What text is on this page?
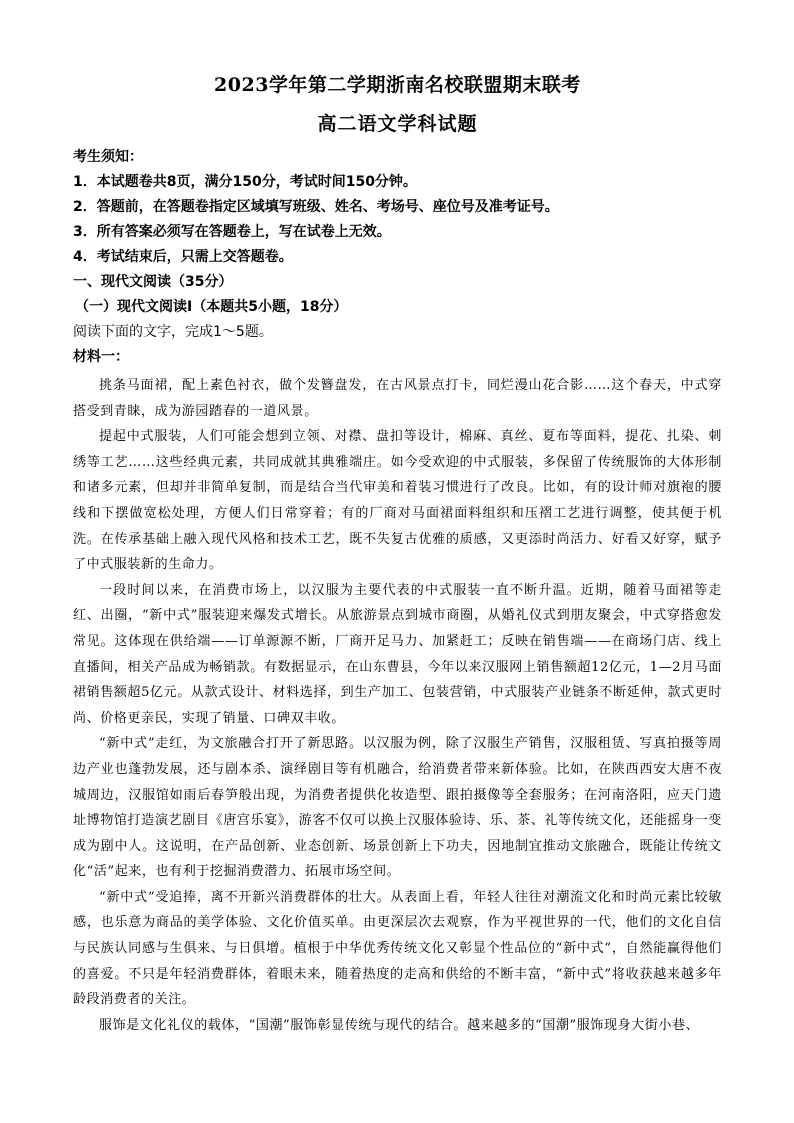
2023学年第二学期浙南名校联盟期末联考
高二语文学科试题
考生须知：
1．本试题卷共8页，满分150分，考试时间150分钟。
2．答题前，在答题卷指定区域填写班级、姓名、考场号、座位号及准考证号。
3．所有答案必须写在答题卷上，写在试卷上无效。
4．考试结束后，只需上交答题卷。
一、现代文阅读（35分）
（一）现代文阅读Ⅰ（本题共5小题，18分）
阅读下面的文字，完成1～5题。
材料一：

挑条马面裙，配上素色衬衣，做个发簪盘发，在古风景点打卡，同烂漫山花合影……这个春天，中式穿搭受到青睐，成为游园踏春的一道风景。

提起中式服装，人们可能会想到立领、对襟、盘扣等设计，棉麻、真丝、夏布等面料，提花、扎染、刺绣等工艺……这些经典元素，共同成就其典雅端庄。如今受欢迎的中式服装，多保留了传统服饰的大体形制和诸多元素，但却并非简单复制，而是结合当代审美和着装习惯进行了改良。比如，有的设计师对旗袍的腰线和下摆做宽松处理，方便人们日常穿着；有的厂商对马面裙面料组织和压褶工艺进行调整，使其便于机洗。在传承基础上融入现代风格和技术工艺，既不失复古优雅的质感，又更添时尚活力、好看又好穿，赋予了中式服装新的生命力。

一段时间以来，在消费市场上，以汉服为主要代表的中式服装一直不断升温。近期，随着马面裙等走红、出圈，“新中式”服装迎来爆发式增长。从旅游景点到城市商圈，从婚礼仪式到朋友聚会，中式穿搭愈发常见。这体现在供给端——订单源源不断，厂商开足马力、加紧赶工；反映在销售端——在商场门店、线上直播间，相关产品成为畅销款。有数据显示，在山东曹县，今年以来汉服网上销售额超12亿元，1—2月马面裙销售额超5亿元。从款式设计、材料选择，到生产加工、包装营销，中式服装产业链条不断延伸，款式更时尚、价格更亲民，实现了销量、口碑双丰收。

“新中式”走红，为文旅融合打开了新思路。以汉服为例，除了汉服生产销售，汉服租赁、写真拍摄等周边产业也蓬勃发展，还与剧本杀、演绎剧目等有机融合，给消费者带来新体验。比如，在陕西西安大唐不夜城周边，汉服馆如雨后春笋般出现，为消费者提供化妆造型、跟拍摄像等全套服务；在河南洛阳，应天门遗址博物馆打造演艺剧目《唐宫乐宴》，游客不仅可以换上汉服体验诗、乐、茶、礼等传统文化，还能摇身一变成为剧中人。这说明，在产品创新、业态创新、场景创新上下功夫，因地制宜推动文旅融合，既能让传统文化“活”起来，也有利于挖掘消费潜力、拓展市场空间。

“新中式”受追捧，离不开新兴消费群体的壮大。从表面上看，年轻人往往对潮流文化和时尚元素比较敏感，也乐意为商品的美学体验、文化价值买单。由更深层次去观察，作为平视世界的一代，他们的文化自信与民族认同感与生俱来、与日俱增。植根于中华优秀传统文化又彰显个性品位的“新中式”，自然能赢得他们的喜爱。不只是年轻消费群体，着眼未来，随着热度的走高和供给的不断丰富，“新中式”将收获越来越多年龄段消费者的关注。

服饰是文化礼仪的载体，“国潮”服饰彰显传统与现代的结合。越来越多的“国潮”服饰现身大街小巷、
